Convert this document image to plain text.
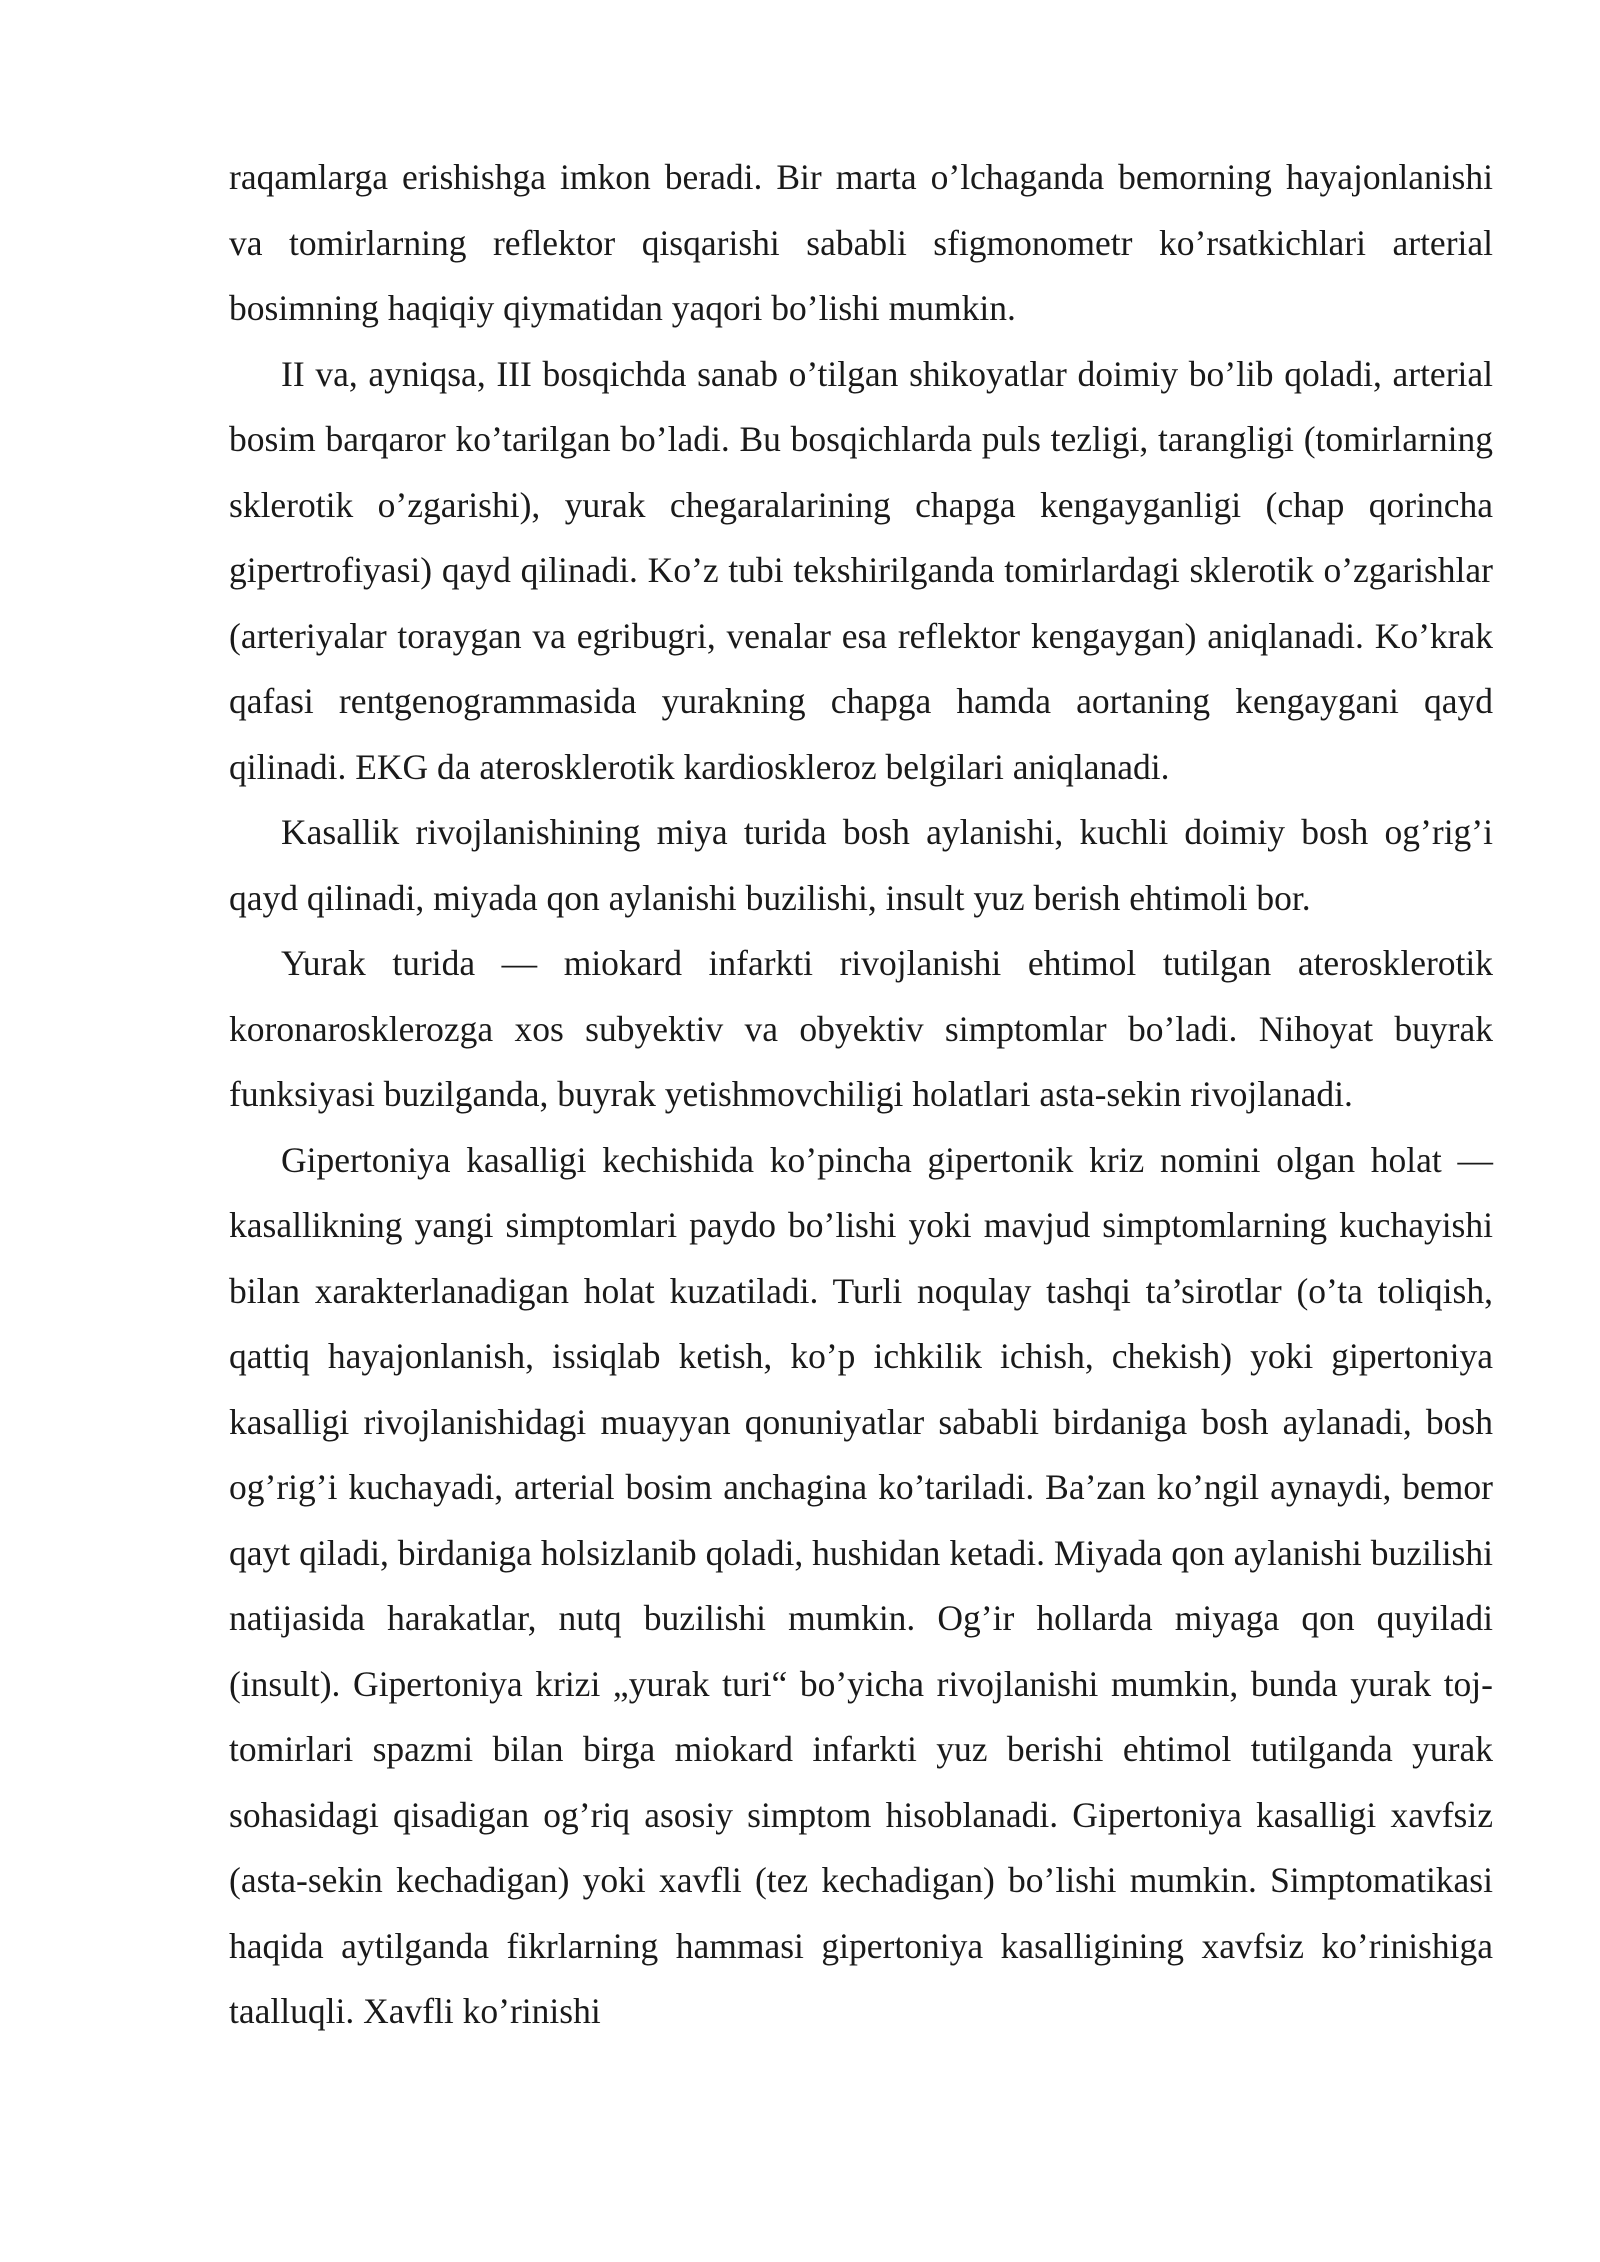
raqamlarga erishishga imkon beradi. Bir marta o’lchaganda bemorning hayajonlanishi va tomirlarning reflektor qisqarishi sababli sfigmonometr ko’rsatkichlari arterial bosimning haqiqiy qiymatidan yaqori bo’lishi mumkin.

II va, ayniqsa, III bosqichda sanab o’tilgan shikoyatlar doimiy bo’lib qoladi, arterial bosim barqaror ko’tarilgan bo’ladi. Bu bosqichlarda puls tezligi, tarangligi (tomirlarning sklerotik o’zgarishi), yurak chegaralarining chapga kengayganligi (chap qorincha gipertrofiyasi) qayd qilinadi. Ko’z tubi tekshirilganda tomirlardagi sklerotik o’zgarishlar (arteriyalar toraygan va egribugri, venalar esa reflektor kengaygan) aniqlanadi. Ko’krak qafasi rentgenogrammasida yurakning chapga hamda aortaning kengaygani qayd qilinadi. EKG da aterosklerotik kardioskleroz belgilari aniqlanadi.

Kasallik rivojlanishining miya turida bosh aylanishi, kuchli doimiy bosh og’rig’i qayd qilinadi, miyada qon aylanishi buzilishi, insult yuz berish ehtimoli bor.

Yurak turida — miokard infarkti rivojlanishi ehtimol tutilgan aterosklerotik koronarosklerozga xos subyektiv va obyektiv simptomlar bo’ladi. Nihoyat buyrak funksiyasi buzilganda, buyrak yetishmovchiligi holatlari asta-sekin rivojlanadi.

Gipertoniya kasalligi kechishida ko’pincha gipertonik kriz nomini olgan holat — kasallikning yangi simptomlari paydo bo’lishi yoki mavjud simptomlarning kuchayishi bilan xarakterlanadigan holat kuzatiladi. Turli noqulay tashqi ta’sirotlar (o’ta toliqish, qattiq hayajonlanish, issiqlab ketish, ko’p ichkilik ichish, chekish) yoki gipertoniya kasalligi rivojlanishidagi muayyan qonuniyatlar sababli birdaniga bosh aylanadi, bosh og’rig’i kuchayadi, arterial bosim anchagina ko’tariladi. Ba’zan ko’ngil aynaydi, bemor qayt qiladi, birdaniga holsizlanib qoladi, hushidan ketadi. Miyada qon aylanishi buzilishi natijasida harakatlar, nutq buzilishi mumkin. Og’ir hollarda miyaga qon quyiladi (insult). Gipertoniya krizi „yurak turi“ bo’yicha rivojlanishi mumkin, bunda yurak toj-tomirlari spazmi bilan birga miokard infarkti yuz berishi ehtimol tutilganda yurak sohasidagi qisadigan og’riq asosiy simptom hisoblanadi. Gipertoniya kasalligi xavfsiz (asta-sekin kechadigan) yoki xavfli (tez kechadigan) bo’lishi mumkin. Simptomatikasi haqida aytilganda fikrlarning hammasi gipertoniya kasalligining xavfsiz ko’rinishiga taalluqli. Xavfli ko’rinishi
